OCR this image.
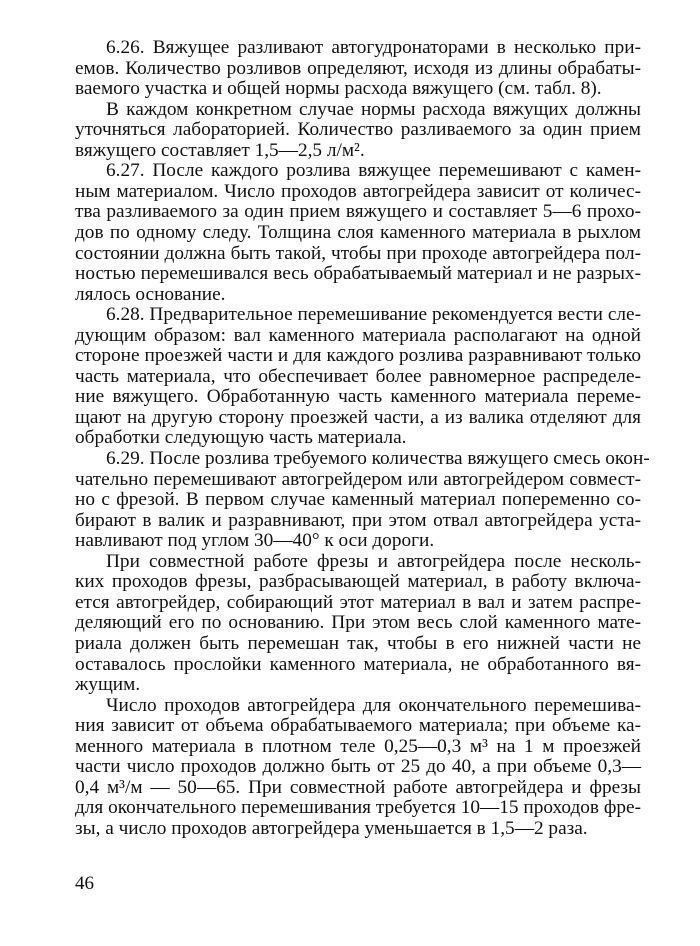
6.26. Вяжущее разливают автогудронаторами в несколько при-
емов. Количество розливов определяют, исходя из длины обрабаты-
ваемого участка и общей нормы расхода вяжущего (см. табл. 8).
В каждом конкретном случае нормы расхода вяжущих должны
уточняться лабораторией. Количество разливаемого за один прием
вяжущего составляет 1,5—2,5 л/м².
6.27. После каждого розлива вяжущее перемешивают с камен-
ным материалом. Число проходов автогрейдера зависит от количес-
тва разливаемого за один прием вяжущего и составляет 5—6 прохо-
дов по одному следу. Толщина слоя каменного материала в рыхлом
состоянии должна быть такой, чтобы при проходе автогрейдера пол-
ностью перемешивался весь обрабатываемый материал и не разрых-
лялось основание.
6.28. Предварительное перемешивание рекомендуется вести сле-
дующим образом: вал каменного материала располагают на одной
стороне проезжей части и для каждого розлива разравнивают только
часть материала, что обеспечивает более равномерное распределе-
ние вяжущего. Обработанную часть каменного материала переме-
щают на другую сторону проезжей части, а из валика отделяют для
обработки следующую часть материала.
6.29. После розлива требуемого количества вяжущего смесь окон-
чательно перемешивают автогрейдером или автогрейдером совмест-
но с фрезой. В первом случае каменный материал попеременно со-
бирают в валик и разравнивают, при этом отвал автогрейдера уста-
навливают под углом 30—40° к оси дороги.
При совместной работе фрезы и автогрейдера после несколь-
ких проходов фрезы, разбрасывающей материал, в работу включа-
ется автогрейдер, собирающий этот материал в вал и затем распре-
деляющий его по основанию. При этом весь слой каменного мате-
риала должен быть перемешан так, чтобы в его нижней части не
оставалось прослойки каменного материала, не обработанного вя-
жущим.
Число проходов автогрейдера для окончательного перемешива-
ния зависит от объема обрабатываемого материала; при объеме ка-
менного материала в плотном теле 0,25—0,3 м³ на 1 м проезжей
части число проходов должно быть от 25 до 40, а при объеме 0,3—
0,4 м³/м — 50—65. При совместной работе автогрейдера и фрезы
для окончательного перемешивания требуется 10—15 проходов фре-
зы, а число проходов автогрейдера уменьшается в 1,5—2 раза.
46
